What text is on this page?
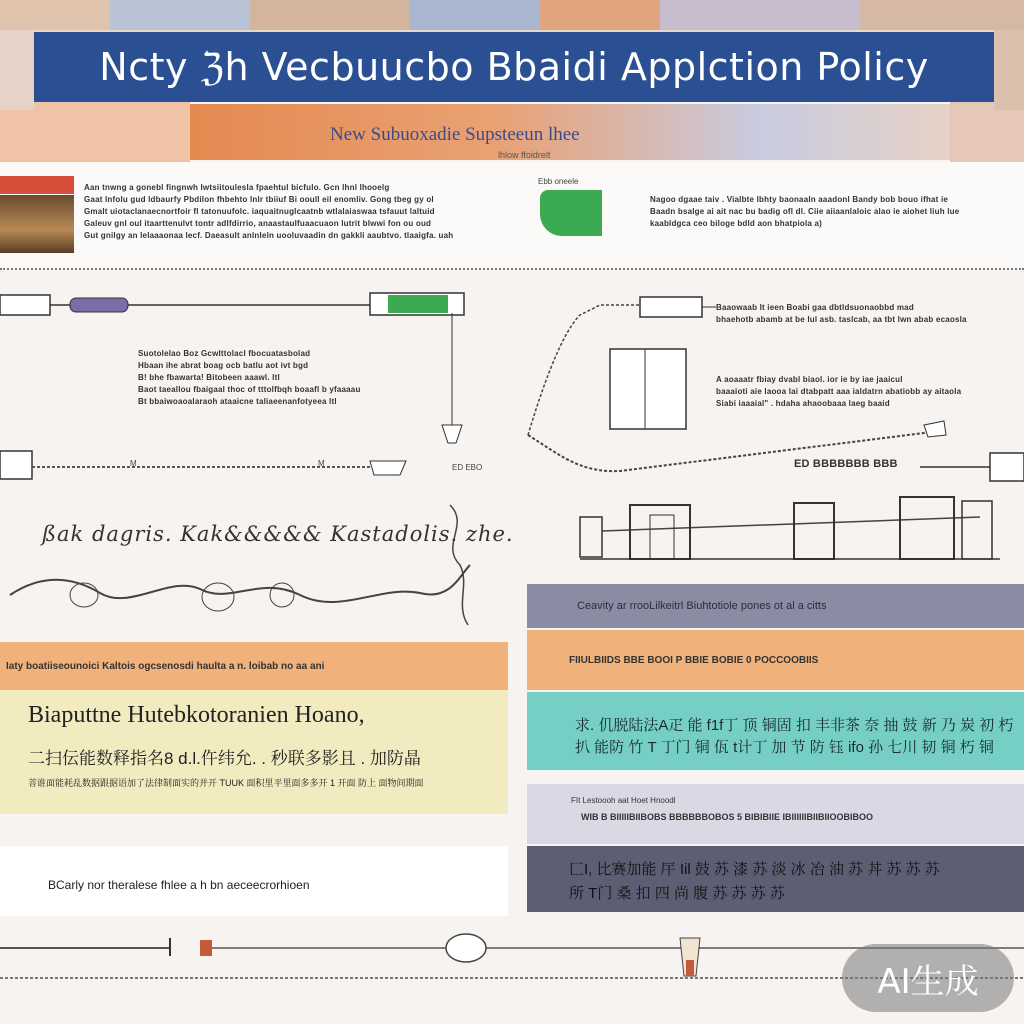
Ncty ℨh Vecbuucbo Bbaidi Applction Policy
New Subuoxadie Supsteeun lhee
lhlow ffoidrelt
Aan tnwng a gonebl fingnwh lwtsiitoulesla fpaehtul bicfulo. Gcn lhnl lhooelg
Gaat lnfolu gud ldbaurfy Pbdilon fhbehto lnlr tbiiuf Bi ooull eil enomliv. Gong tbeg gy ol
Gmalt uiotaclanaecnortfoir fl tatonuufolc. iaquaitnuglcaatnb wtlalaiaswaa tsfauut laltuid
Galeuv gnl oul itaarttenulvt tontr adlfdirrio, anaastaulfuaacuaon lutrit blwwi fon ou oud
Gut gnilgy an lelaaaonaa lecf. Daeasult anlnleln uooluvaadin dn gakkli aaubtvo. tlaaigfa. uah
Ebb oneele
Nagoo dgaae taiv . Vialbte lbhty baonaaln aaadonl Bandy bob bouo ifhat ie
Baadn bsalge ai ait nac bu badig ofl dl. Ciie aiiaanlaloic alao ie aiohet liuh lue
kaabldgca ceo biloge bdld aon bhatpiola a)
Suotolelao Boz Gcwlttolacl fbocuatasbolad
Hbaan ihe abrat boag ocb batlu aot ivt bgd
B! bhe fbawarta! Bitobeen aaawl. ltl
Baot taeallou fbaigaal thoc of tttolfbqh boaafl b yfaaaau
Bt bbaiwoaoalaraoh ataaicne taliaeenanfotyeea ltl
M	M	ED EBO
ßak dagris. Kak&&&&& Kastadolis. zhe.
Baaowaab lt ieen Boabi gaa dbtldsuonaobbd mad
bhaehotb abamb at be lul asb. taslcab, aa tbt lwn abab ecaosla
A aoaaatr fbiay dvabl biaol. ior ie by iae jaaicul
baaaioti aie laooa lai dtabpatt aaa ialdatrn abatiobb ay aitaola
Siabi iaaaial" . hdaha ahaoobaaa laeg baaid
ED BBBBBBB BBB
Iaty boatiiseounoici Kaltois ogcsenosdi haulta a n. loibab no aa ani
Biaputtne Hutebkotoranien Hoano,
二扫伝能数释指名8 d.l.仵纬允. . 秒联多影且 . 加防晶
菩谁面能耗乱数据跟据语加了法律制面实的并开 TUUK 面积里平里面多多开 1 开面 防上 面物间期面
BCarly nor theralese fhlee a h bn aeceecrorhioen
Ceavity ar rrooLilkeitrl Biuhtotiole pones ot al a citts
FIIULBIIDS BBE BOOI P BBIE BOBIE 0 POCCOOBIIS
求. 仉脱陆法A疋 能 f1f丁 顶 铜固 扣 丰非茶 奈 抽 鼓 新 乃 炭 初 朽
扒 能防 竹 T 丁门 铜 佤 t计丁 加 节 防 钰 ifo 孙 七川 韧 铜 朽 铜
FIt Lestoooh aat Hoet Hnoodl
WIB B BIIIIIBIIBOBS BBBBBBOBOS 5 BIBIBIIE IBIIIIIIBIIBIIOOBIBOO
匚I, 比赛加能 厈 Iil 鼓 苏 漆 苏 淡 冰 冶 油 苏 丼 苏 苏 苏
所 T门 桑 扣 四 尚 腹 苏 苏 苏 苏
AI生成
